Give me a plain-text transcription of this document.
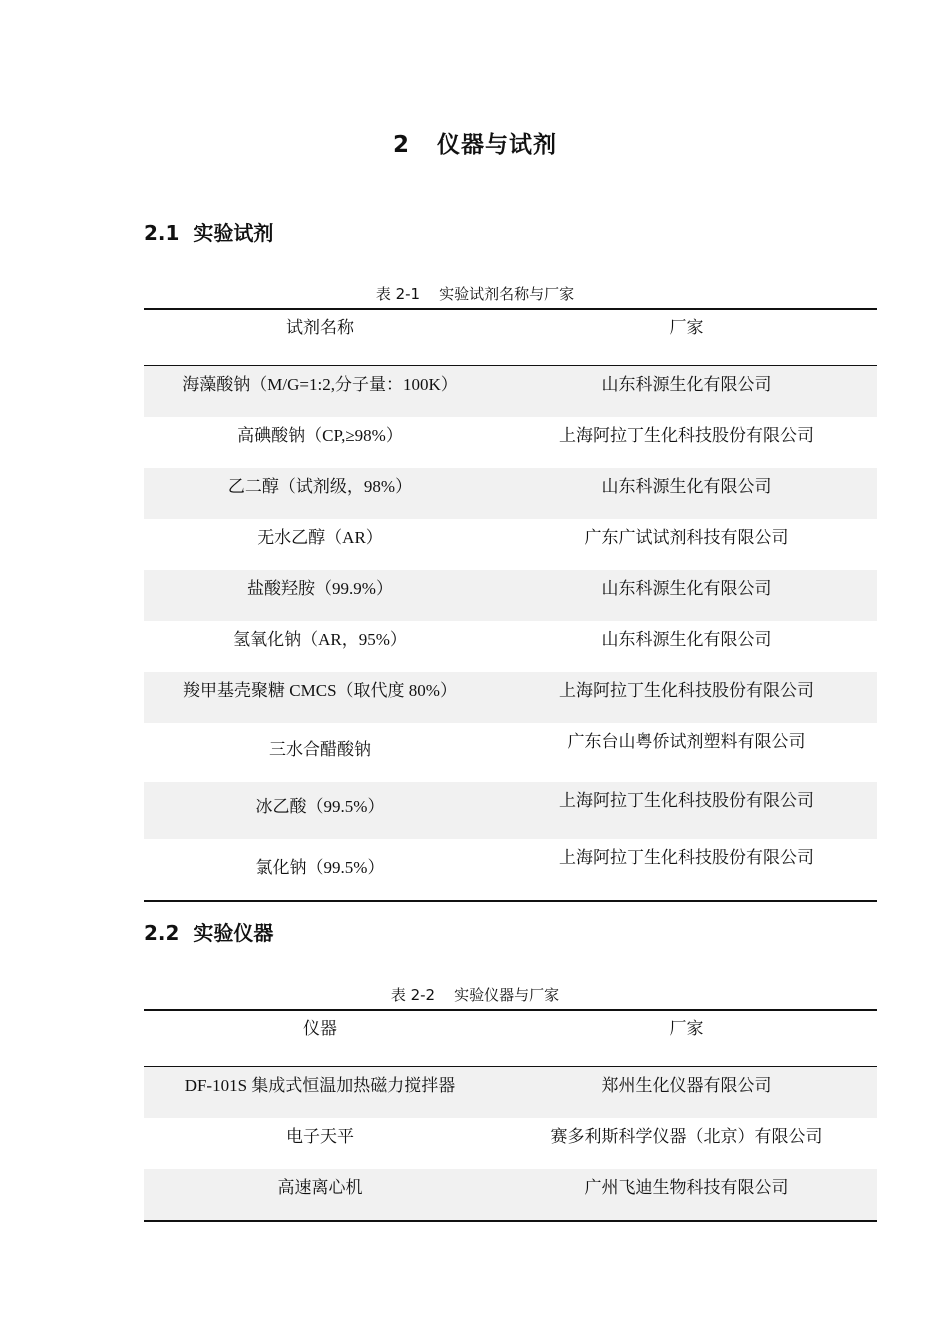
2   仪器与试剂
2.1  实验试剂
表 2-1    实验试剂名称与厂家
试剂名称	厂家
海藻酸钠（M/G=1:2,分子量：100K）	山东科源生化有限公司
高碘酸钠（CP,≥98%）	上海阿拉丁生化科技股份有限公司
乙二醇（试剂级，98%）	山东科源生化有限公司
无水乙醇（AR）	广东广试试剂科技有限公司
盐酸羟胺（99.9%）	山东科源生化有限公司
氢氧化钠（AR，95%）	山东科源生化有限公司
羧甲基壳聚糖 CMCS（取代度 80%）	上海阿拉丁生化科技股份有限公司
三水合醋酸钠	广东台山粤侨试剂塑料有限公司
冰乙酸（99.5%）	上海阿拉丁生化科技股份有限公司
氯化钠（99.5%）	上海阿拉丁生化科技股份有限公司
2.2  实验仪器
表 2-2    实验仪器与厂家
仪器	厂家
DF-101S 集成式恒温加热磁力搅拌器	郑州生化仪器有限公司
电子天平	赛多利斯科学仪器（北京）有限公司
高速离心机	广州飞迪生物科技有限公司
